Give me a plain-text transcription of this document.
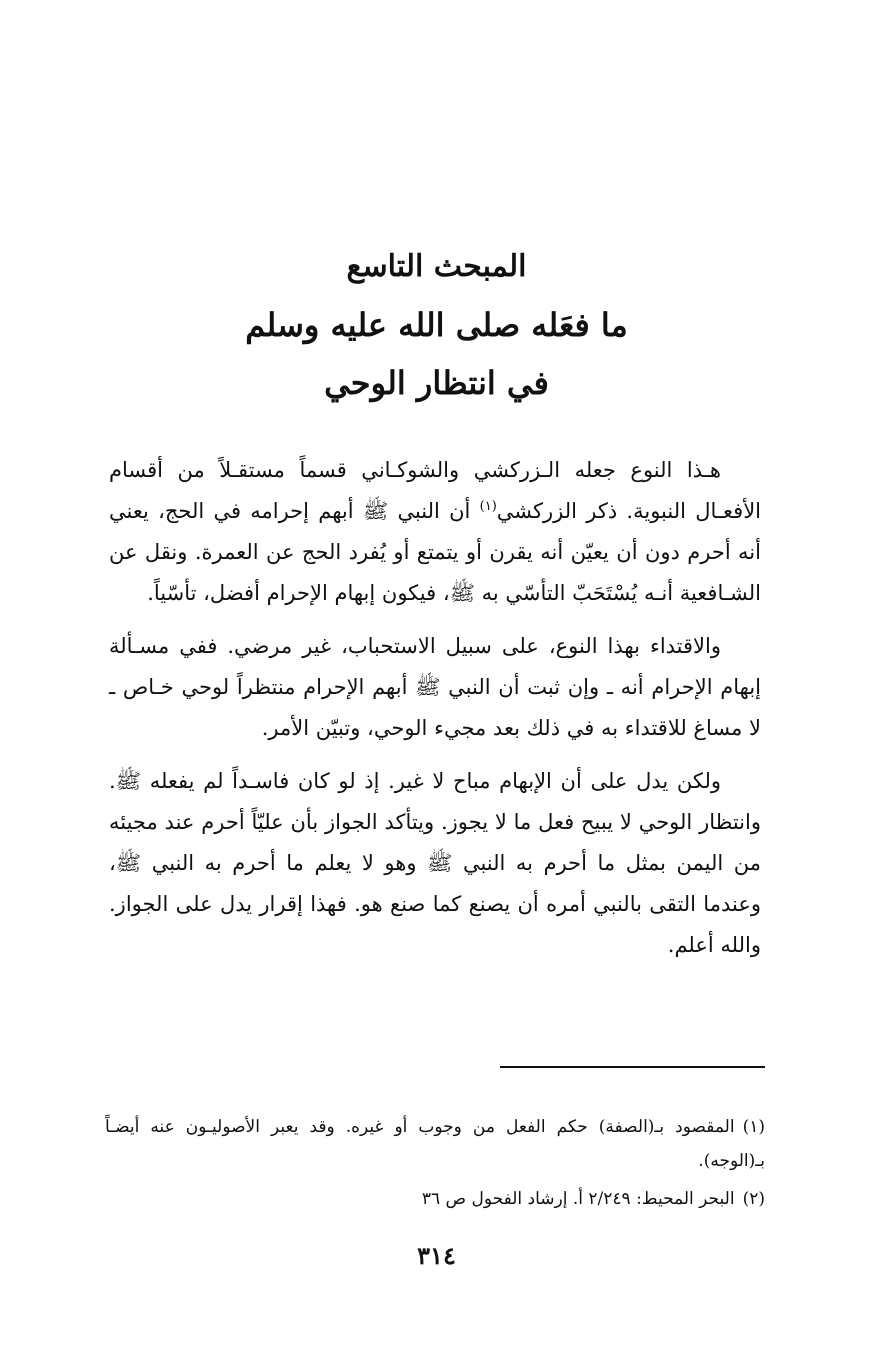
المبحث التاسع
ما فعَله صلى الله عليه وسلم
في انتظار الوحي

هـذا النوع جعله الـزركشي والشوكـاني قسماً مستقـلاً من أقسام الأفعـال النبوية. ذكر الزركشي$^{(١)}$ أن النبي ﷺ أبهم إحرامه في الحج، يعني أنه أحرم دون أن يعيّن أنه يقرن أو يتمتع أو يُفرد الحج عن العمرة. ونقل عن الشـافعية أنـه يُسْتَحَبّ التأسّي به ﷺ، فيكون إبهام الإحرام أفضل، تأسّياً.

والاقتداء بهذا النوع، على سبيل الاستحباب، غير مرضي. ففي مسـألة إبهام الإحرام أنه ـ وإن ثبت أن النبي ﷺ أبهم الإحرام منتظراً لوحي خـاص ـ لا مساغ للاقتداء به في ذلك بعد مجيء الوحي، وتبيّن الأمر.

ولكن يدل على أن الإبهام مباح لا غير. إذ لو كان فاسـداً لم يفعله ﷺ. وانتظار الوحي لا يبيح فعل ما لا يجوز. ويتأكد الجواز بأن عليّاً أحرم عند مجيئه من اليمن بمثل ما أحرم به النبي ﷺ وهو لا يعلم ما أحرم به النبي ﷺ، وعندما التقى بالنبي أمره أن يصنع كما صنع هو. فهذا إقرار يدل على الجواز. والله أعلم.

(١)المقصود بـ(الصفة) حكم الفعل من وجوب أو غيره. وقد يعبر الأصوليـون عنه أيضـاً بـ(الوجه).

(٢)البحر المحيط: ٢/٢٤٩ أ. إرشاد الفحول ص ٣٦

٣١٤
